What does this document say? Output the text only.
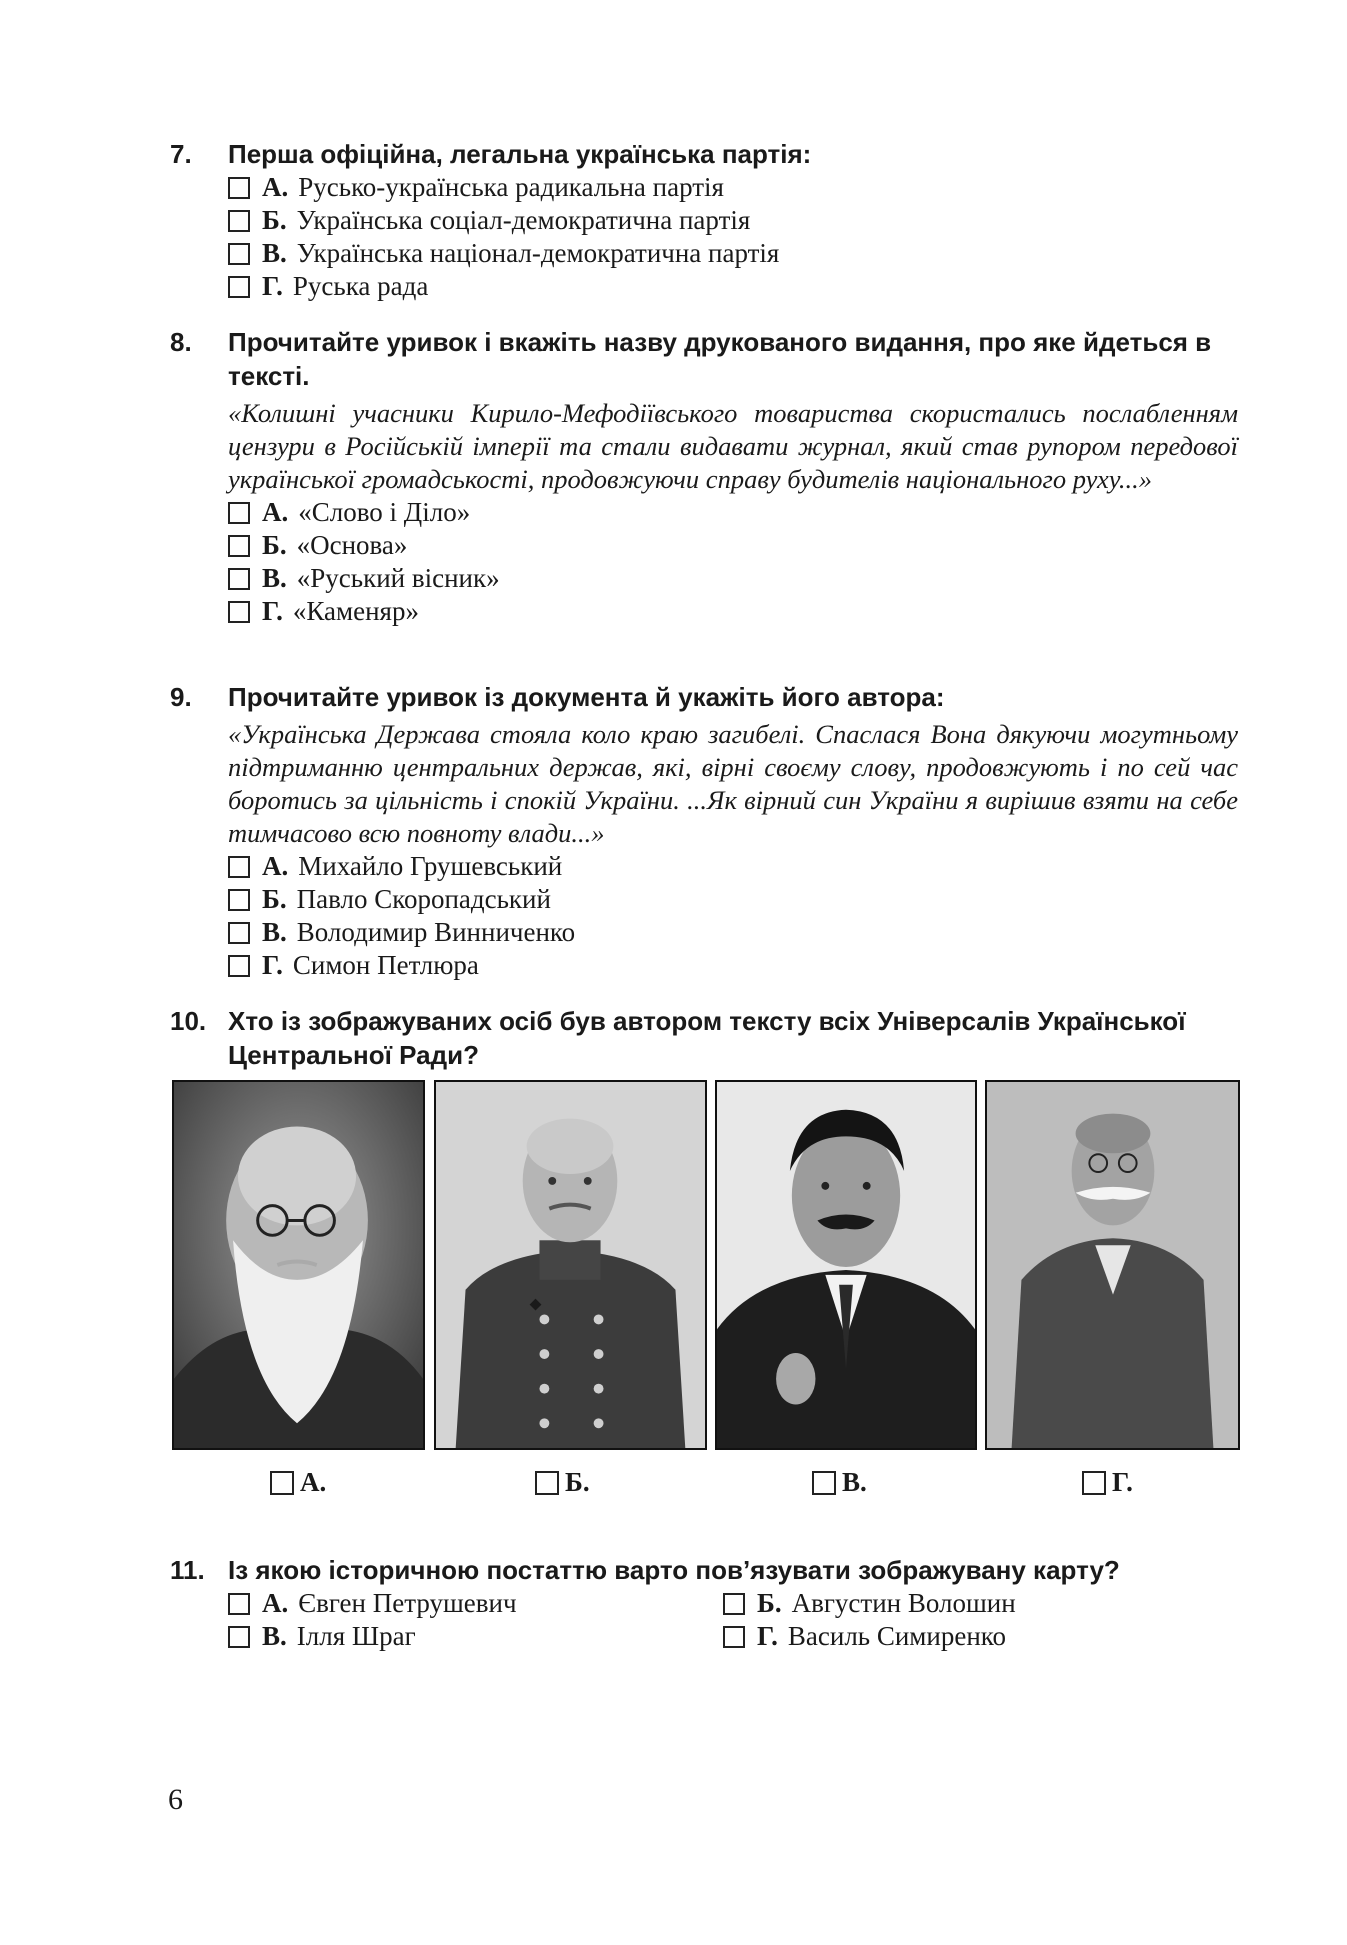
7.	Перша офіційна, легальна українська партія:
А. Русько-українська радикальна партія
Б. Українська соціал-демократична партія
В. Українська націонал-демократична партія
Г. Руська рада
8.	Прочитайте уривок і вкажіть назву друкованого видання, про яке йдеться в тексті.
«Колишні учасники Кирило-Мефодіївського товариства скористались послабленням цензури в Російській імперії та стали видавати журнал, який став рупором передової української громадськості, продовжуючи справу будителів національного руху...»
А. «Слово і Діло»
Б. «Основа»
В. «Руський вісник»
Г. «Каменяр»
9.	Прочитайте уривок із документа й укажіть його автора:
«Українська Держава стояла коло краю загибелі. Спаслася Вона дякуючи могутньому підтриманню центральних держав, які, вірні своєму слову, продовжують і по сей час боротись за цільність і спокій України. ...Як вірний син України я вирішив взяти на себе тимчасово всю повноту влади...»
А. Михайло Грушевський
Б. Павло Скоропадський
В. Володимир Винниченко
Г. Симон Петлюра
10. Хто із зображуваних осіб був автором тексту всіх Універсалів Української Центральної Ради?
А.	Б.	В.	Г.
11. Із якою історичною постаттю варто пов’язувати зображувану карту?
А. Євген Петрушевич	Б. Августин Волошин
В. Ілля Шраг	Г. Василь Симиренко
6
